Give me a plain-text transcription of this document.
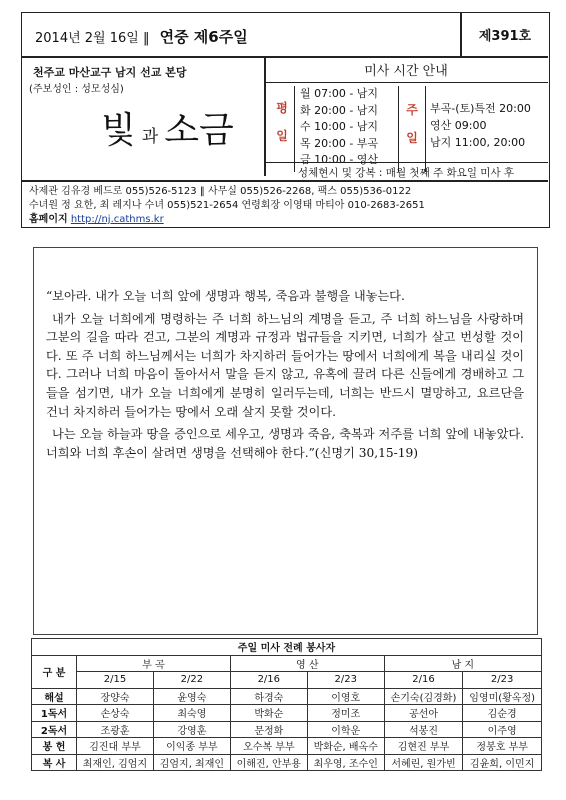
2014년 2월 16일 ‖ 연중 제6주일	제391호
천주교 마산교구 남지 선교 본당
(주보성인 : 성모성심)
빛과 소금
미사 시간 안내
평일
월 07:00 - 남지
화 20:00 - 남지
수 10:00 - 남지
목 20:00 - 부곡
금 10:00 - 영산
주일
부곡-(토)특전 20:00
영산 09:00
남지 11:00, 20:00
성체현시 및 강복 : 매월 첫째 주 화요일 미사 후
사제관 김유경 베드로 055)526-5123 ‖ 사무실 055)526-2268, 팩스 055)536-0122
수녀원 정 요한, 최 레지나 수녀 055)521-2654 연령회장 이영태 마티아 010-2683-2651
홈페이지 http://nj.cathms.kr

“보아라. 내가 오늘 너희 앞에 생명과 행복, 죽음과 불행을 내놓는다.

내가 오늘 너희에게 명령하는 주 너희 하느님의 계명을 듣고, 주 너희 하느님을 사랑하며 그분의 길을 따라 걷고, 그분의 계명과 규정과 법규들을 지키면, 너희가 살고 번성할 것이다. 또 주 너희 하느님께서는 너희가 차지하러 들어가는 땅에서 너희에게 복을 내리실 것이다. 그러나 너희 마음이 돌아서서 말을 듣지 않고, 유혹에 끌려 다른 신들에게 경배하고 그들을 섬기면, 내가 오늘 너희에게 분명히 일러두는데, 너희는 반드시 멸망하고, 요르단을 건너 차지하러 들어가는 땅에서 오래 살지 못할 것이다.

나는 오늘 하늘과 땅을 증인으로 세우고, 생명과 죽음, 축복과 저주를 너희 앞에 내놓았다. 너희와 너희 후손이 살려면 생명을 선택해야 한다.”(신명기 30,15-19)

주일 미사 전례 봉사자						
구 분	부 곡		영 산		남 지	
	2/15	2/22	2/16	2/23	2/16	2/23
해설	장양숙	윤영숙	하경숙	이영호	손기숙(김경화)	임영미(황옥정)
1독서	손상숙	최숙영	박화순	정미조	공선아	김순경
2독서	조광훈	강영훈	문정화	이학운	석봉진	이주영
봉 헌	김진대 부부	이익종 부부	오수복 부부	박화순, 배옥수	김현진 부부	정봉호 부부
복 사	최재인, 김엄지	김엄지, 최재인	이해진, 안부용	최우영, 조수인	서혜린, 원가빈	김윤희, 이민지
